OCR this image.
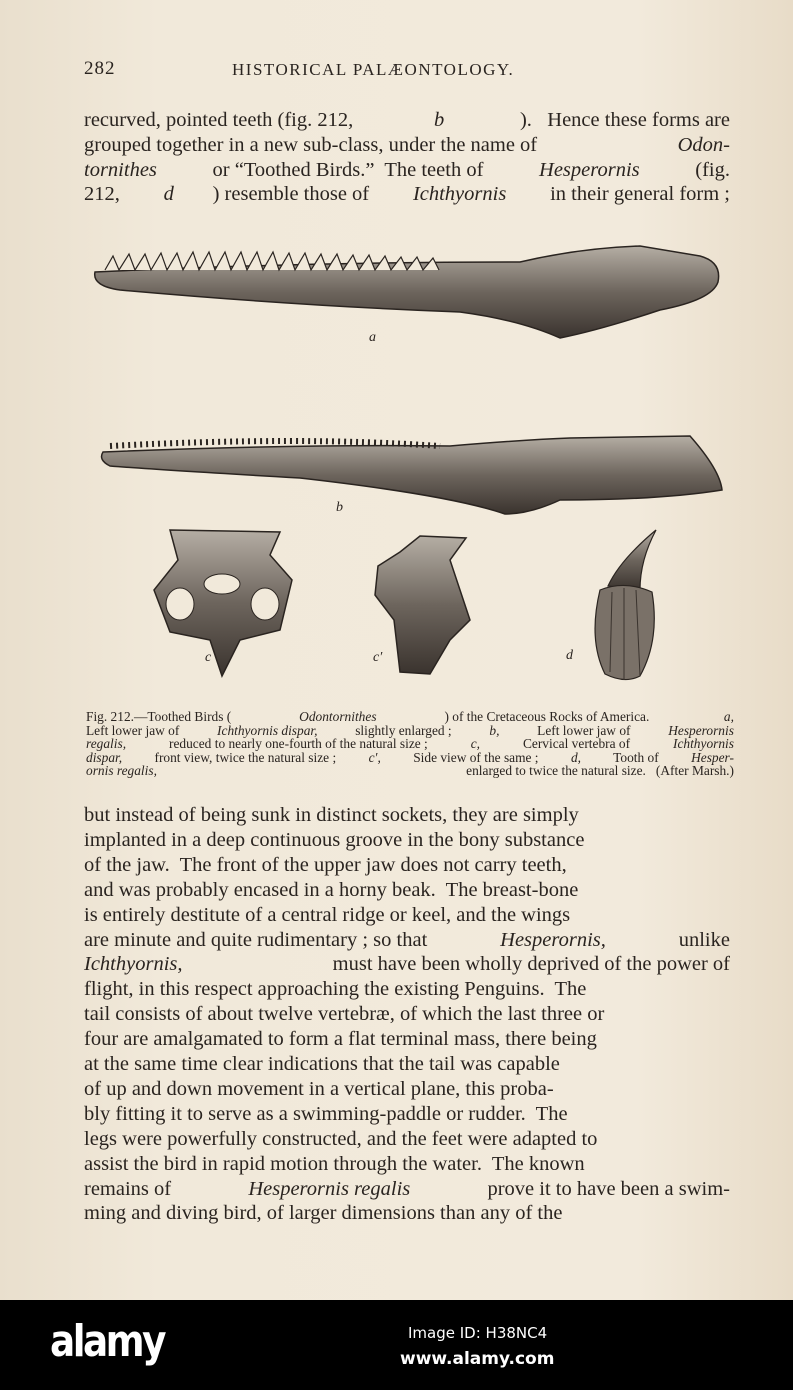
282	HISTORICAL PALÆONTOLOGY.
recurved, pointed teeth (fig. 212,	b	).   Hence these forms are
grouped together in a new sub-class, under the name of	Odon-
tornithes or “Toothed Birds.”  The teeth of Hesperornis (fig.
212, d ) resemble those of Ichthyornis in their general form ;
a
b
c	c′	d
Fig. 212.—Toothed Birds (	Odontornithes	) of the Cretaceous Rocks of America.	a,
Left lower jaw of	Ichthyornis dispar,	slightly enlarged ;	b,	Left lower jaw of	Hesperornis
regalis,	reduced to nearly one-fourth of the natural size ;	c,	Cervical vertebra of	Ichthyornis
dispar, front view, twice the natural size ; c′, Side view of the same ; d, Tooth of Hesper-
ornis regalis,	enlarged to twice the natural size.   (After Marsh.)
but instead of being sunk in distinct sockets, they are simply
implanted in a deep continuous groove in the bony substance
of the jaw.  The front of the upper jaw does not carry teeth,
and was probably encased in a horny beak.  The breast-bone
is entirely destitute of a central ridge or keel, and the wings
are minute and quite rudimentary ; so that	Hesperornis,	unlike
Ichthyornis,	must have been wholly deprived of the power of
flight, in this respect approaching the existing Penguins.  The
tail consists of about twelve vertebræ, of which the last three or
four are amalgamated to form a flat terminal mass, there being
at the same time clear indications that the tail was capable
of up and down movement in a vertical plane, this proba-
bly fitting it to serve as a swimming-paddle or rudder.  The
legs were powerfully constructed, and the feet were adapted to
assist the bird in rapid motion through the water.  The known
remains of	Hesperornis regalis	prove it to have been a swim-
ming and diving bird, of larger dimensions than any of the
alamy	Image ID: H38NC4
www.alamy.com
